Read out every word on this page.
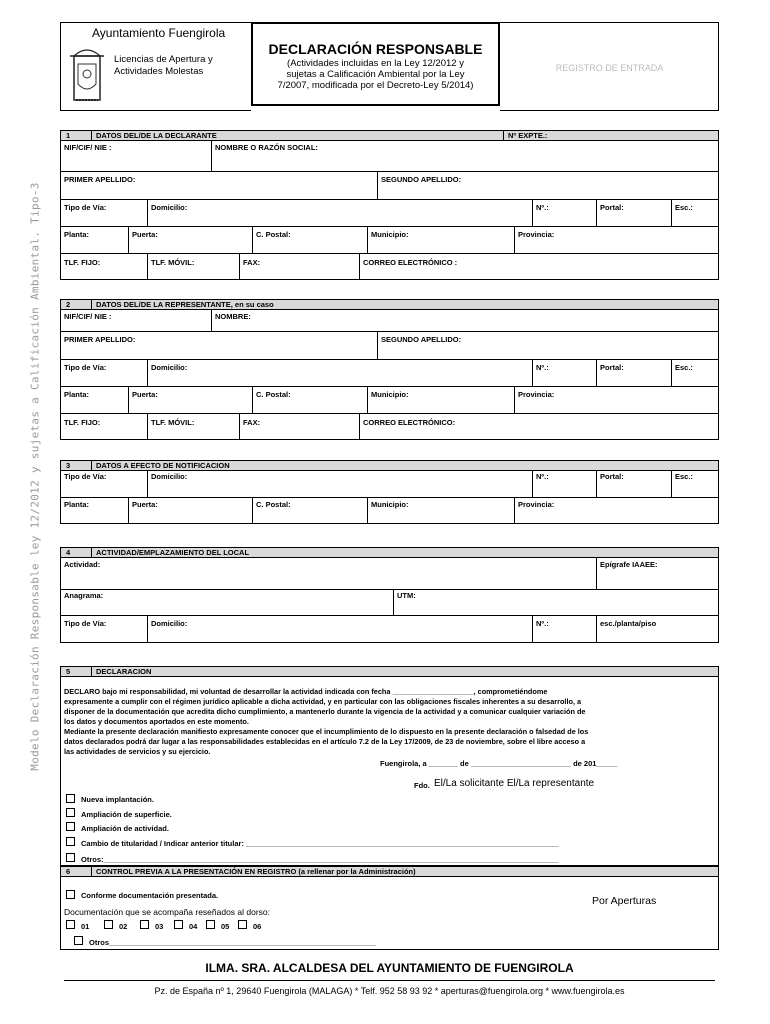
Modelo Declaración Responsable ley 12/2012 y sujetas a Calificación Ambiental. Tipo-3
Ayuntamiento Fuengirola
Licencias de Apertura y
Actividades Molestas
DECLARACIÓN RESPONSABLE
(Actividades incluidas en la Ley 12/2012 y
sujetas a Calificación Ambiental por la Ley
7/2007, modificada por el Decreto-Ley 5/2014)
REGISTRO DE ENTRADA
1	DATOS DEL/DE LA DECLARANTE	Nº EXPTE.:
NIF/CIF/ NIE :	NOMBRE O RAZÓN SOCIAL:
PRIMER APELLIDO:	SEGUNDO APELLIDO:
Tipo de Vía:	Domicilio:	Nº.:	Portal:	Esc.:
Planta:	Puerta:	C. Postal:	Municipio:	Provincia:
TLF. FIJO:	TLF. MÓVIL:	FAX:	CORREO ELECTRÓNICO :
2	DATOS DEL/DE LA REPRESENTANTE, en su caso
NIF/CIF/ NIE :	NOMBRE:
PRIMER APELLIDO:	SEGUNDO APELLIDO:
Tipo de Vía:	Domicilio:	Nº.:	Portal:	Esc.:
Planta:	Puerta:	C. Postal:	Municipio:	Provincia:
TLF. FIJO:	TLF. MÓVIL:	FAX:	CORREO ELECTRÓNICO:
3	DATOS A EFECTO DE NOTIFICACION
Tipo de Vía:	Domicilio:	Nº.:	Portal:	Esc.:
Planta:	Puerta:	C. Postal:	Municipio:	Provincia:
4	ACTIVIDAD/EMPLAZAMIENTO DEL LOCAL
Actividad:	Epígrafe IAAEE:
Anagrama:	UTM:
Tipo de Vía:	Domicilio:	Nº.:	esc./planta/piso
5	DECLARACION
DECLARO bajo mi responsabilidad, mi voluntad de desarrollar la actividad indicada con fecha ____________________, comprometiéndome
expresamente a cumplir con el régimen jurídico aplicable a dicha actividad, y en particular con las obligaciones fiscales inherentes a su desarrollo, a
disponer de la documentación que acredita dicho cumplimiento, a mantenerlo durante la vigencia de la actividad y a comunicar cualquier variación de
los datos y documentos aportados en este momento.
Mediante la presente declaración manifiesto expresamente conocer que el incumplimiento de lo dispuesto en la presente declaración o falsedad de los
datos declarados podrá dar lugar a las responsabilidades establecidas en el artículo 7.2 de la Ley 17/2009, de 23 de noviembre, sobre el libre acceso a
las actividades de servicios y su ejercicio.
Fuengirola, a _______ de ________________________ de 201_____
Fdo. El/La solicitante El/La representante
Nueva implantación.
Ampliación de superficie.
Ampliación de actividad.
Cambio de titularidad / Indicar anterior titular: ___________________________________________________________________________
Otros:_____________________________________________________________________________________________________________
6	CONTROL PREVIA A LA PRESENTACIÓN EN REGISTRO (a rellenar por la Administración)
Conforme documentación presentada.	Por Aperturas
Documentación que se acompaña reseñados al dorso:
01	02	03	04	05	06
Otros________________________________________________________________
ILMA. SRA. ALCALDESA DEL AYUNTAMIENTO DE FUENGIROLA
Pz. de España nº 1, 29640 Fuengirola (MALAGA) * Telf. 952 58 93 92 * aperturas@fuengirola.org * www.fuengirola.es
